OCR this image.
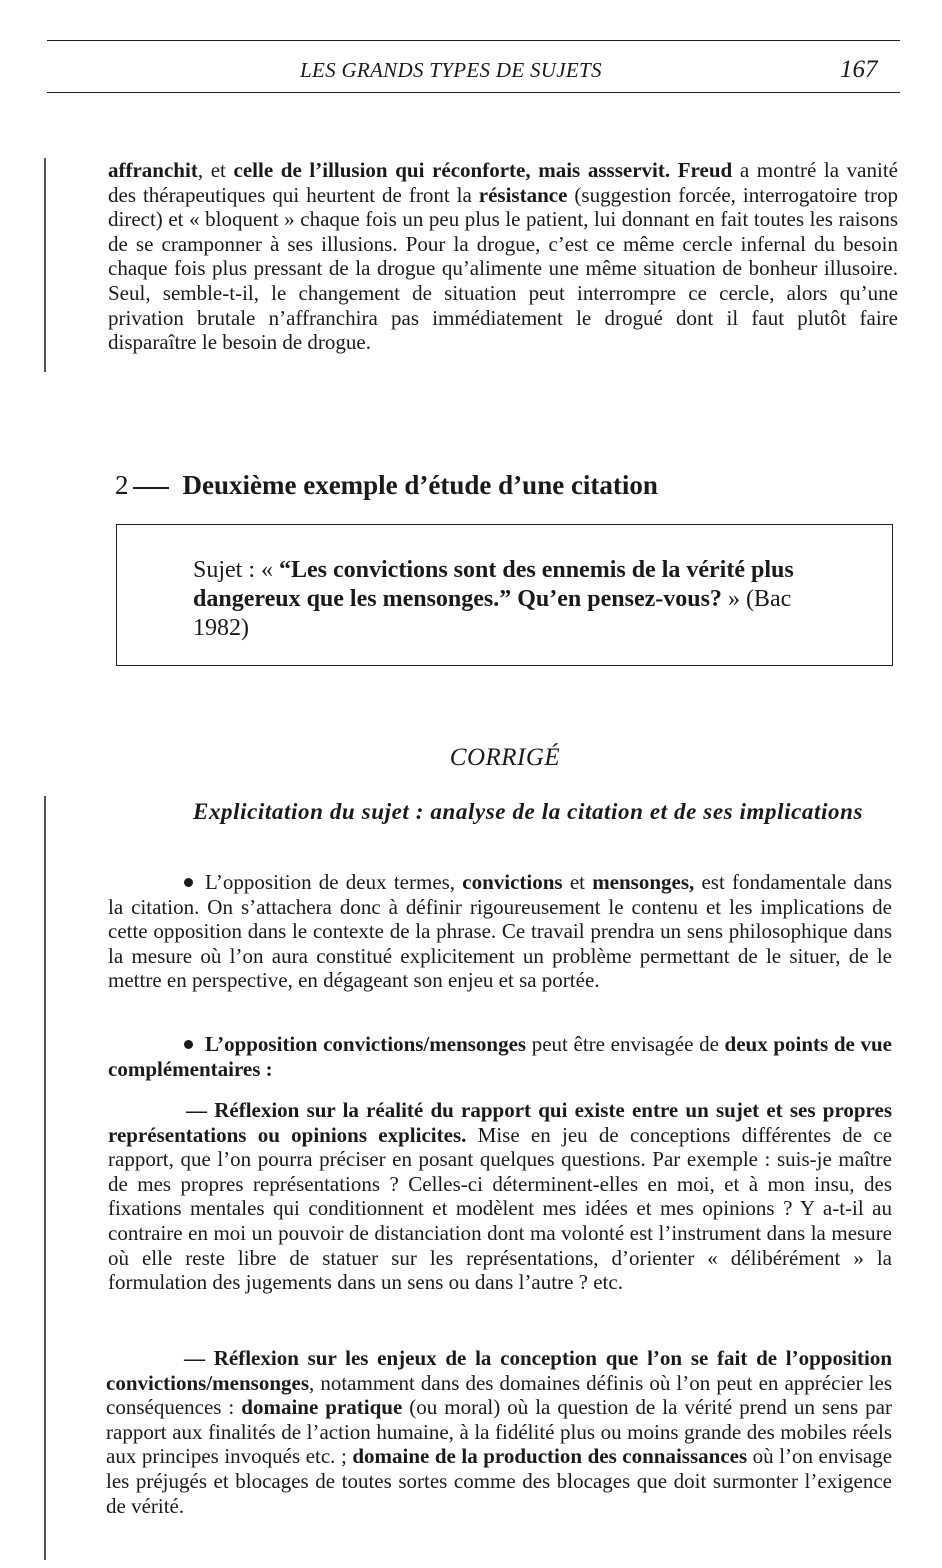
LES GRANDS TYPES DE SUJETS	167
affranchit, et celle de l’illusion qui réconforte, mais assservit. Freud a montré la vanité des thérapeutiques qui heurtent de front la résistance (suggestion forcée, interrogatoire trop direct) et « bloquent » chaque fois un peu plus le patient, lui donnant en fait toutes les raisons de se cramponner à ses illusions. Pour la drogue, c’est ce même cercle infernal du besoin chaque fois plus pressant de la drogue qu’alimente une même situation de bonheur illusoire. Seul, semble-t-il, le changement de situation peut interrompre ce cercle, alors qu’une privation brutale n’affranchira pas immédiatement le drogué dont il faut plutôt faire disparaître le besoin de drogue.
2 Deuxième exemple d’étude d’une citation
Sujet : « “Les convictions sont des ennemis de la vérité plus dangereux que les mensonges.” Qu’en pensez-vous? » (Bac 1982)
CORRIGÉ
Explicitation du sujet : analyse de la citation et de ses implications
L’opposition de deux termes, convictions et mensonges, est fondamentale dans la citation. On s’attachera donc à définir rigoureusement le contenu et les implications de cette opposition dans le contexte de la phrase. Ce travail prendra un sens philosophique dans la mesure où l’on aura constitué explicitement un problème permettant de le situer, de le mettre en perspective, en dégageant son enjeu et sa portée.
L’opposition convictions/mensonges peut être envisagée de deux points de vue complémentaires :
— Réflexion sur la réalité du rapport qui existe entre un sujet et ses propres représentations ou opinions explicites. Mise en jeu de conceptions différentes de ce rapport, que l’on pourra préciser en posant quelques questions. Par exemple : suis-je maître de mes propres représentations ? Celles-ci déterminent-elles en moi, et à mon insu, des fixations mentales qui conditionnent et modèlent mes idées et mes opinions ? Y a-t-il au contraire en moi un pouvoir de distanciation dont ma volonté est l’instrument dans la mesure où elle reste libre de statuer sur les représentations, d’orienter « délibérément » la formulation des jugements dans un sens ou dans l’autre ? etc.
— Réflexion sur les enjeux de la conception que l’on se fait de l’opposition convictions/mensonges, notamment dans des domaines définis où l’on peut en apprécier les conséquences : domaine pratique (ou moral) où la question de la vérité prend un sens par rapport aux finalités de l’action humaine, à la fidélité plus ou moins grande des mobiles réels aux principes invoqués etc. ; domaine de la production des connaissances où l’on envisage les préjugés et blocages de toutes sortes comme des blocages que doit surmonter l’exigence de vérité.
